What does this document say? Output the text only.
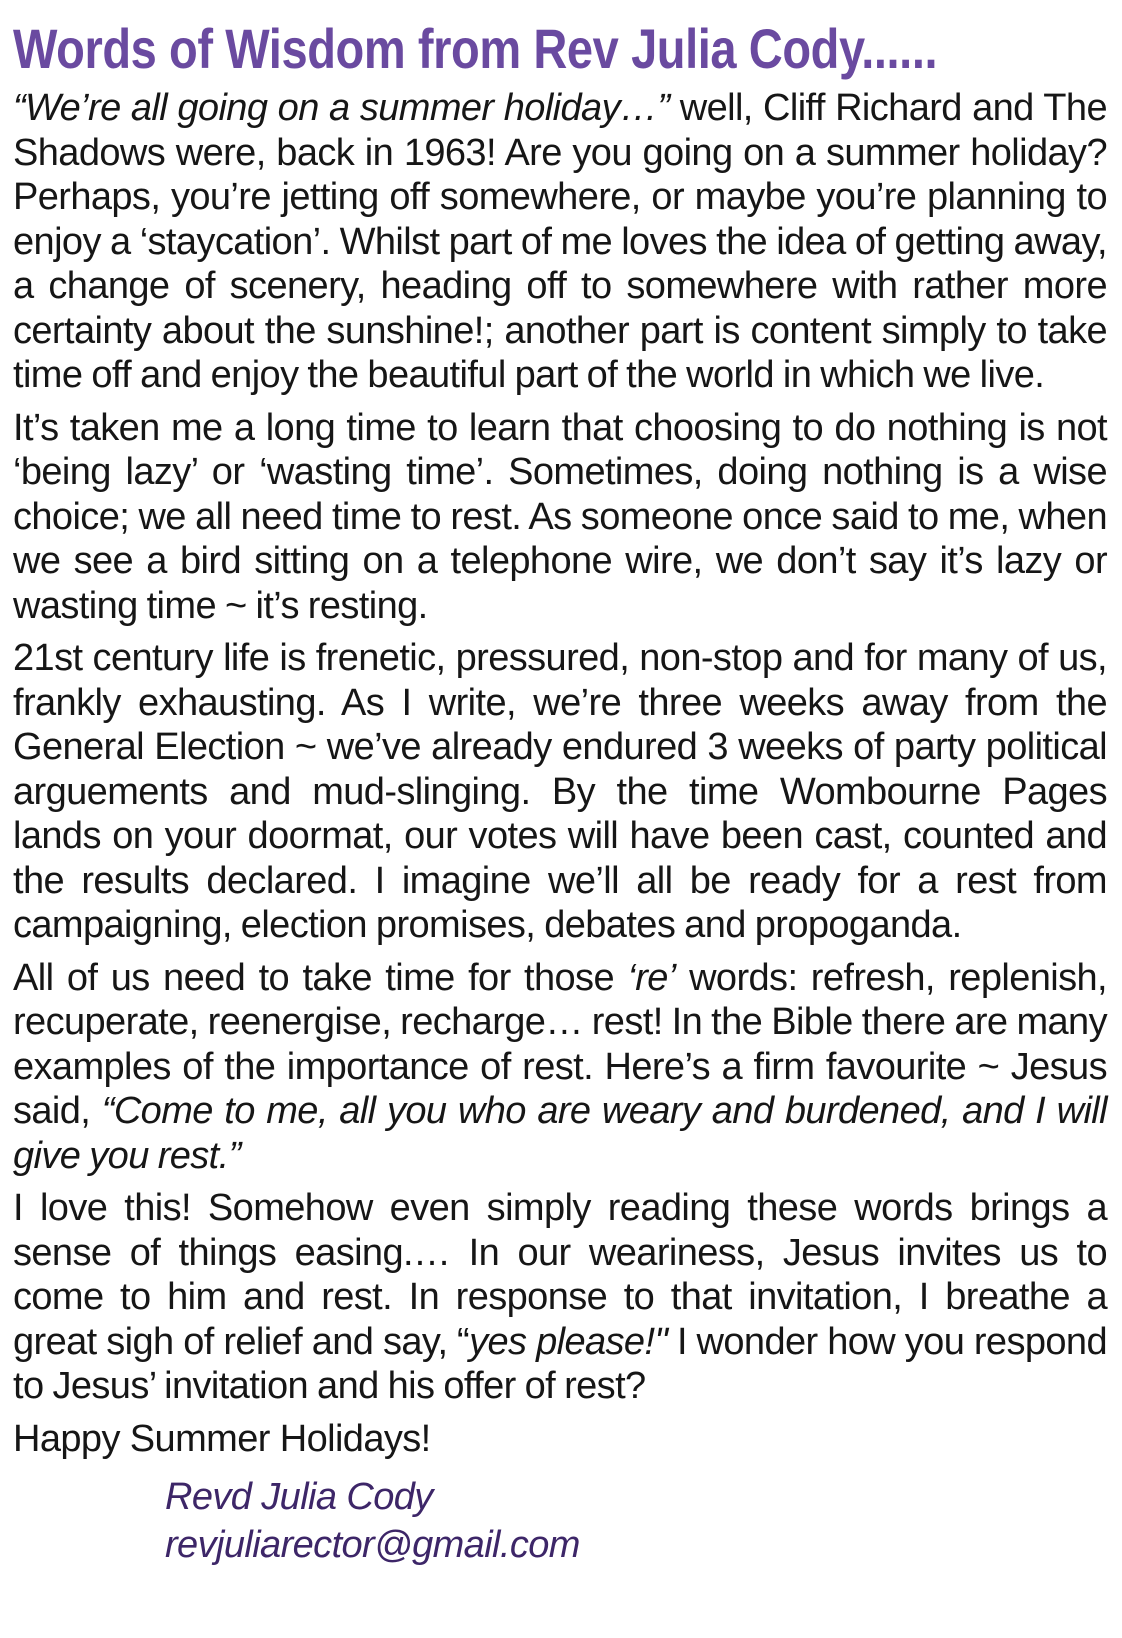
Words of Wisdom from Rev Julia Cody......

“We’re all going on a summer holiday…” well, Cliff Richard and The Shadows were, back in 1963! Are you going on a summer holiday? Perhaps, you’re jetting off somewhere, or maybe you’re planning to enjoy a ‘staycation’. Whilst part of me loves the idea of getting away, a change of scenery, heading off to somewhere with rather more certainty about the sunshine!; another part is content simply to take time off and enjoy the beautiful part of the world in which we live.

It’s taken me a long time to learn that choosing to do nothing is not ‘being lazy’ or ‘wasting time’. Sometimes, doing nothing is a wise choice; we all need time to rest. As someone once said to me, when we see a bird sitting on a telephone wire, we don’t say it’s lazy or wasting time ~ it’s resting.

21st century life is frenetic, pressured, non-stop and for many of us, frankly exhausting. As I write, we’re three weeks away from the General Election ~ we’ve already endured 3 weeks of party political arguements and mud-slinging. By the time Wombourne Pages lands on your doormat, our votes will have been cast, counted and the results declared. I imagine we’ll all be ready for a rest from campaigning, election promises, debates and propoganda.

All of us need to take time for those ‘re’ words: refresh, replenish, recuperate, reenergise, recharge… rest! In the Bible there are many examples of the importance of rest. Here’s a firm favourite ~ Jesus said, “Come to me, all you who are weary and burdened, and I will give you rest.”

I love this! Somehow even simply reading these words brings a sense of things easing.… In our weariness, Jesus invites us to come to him and rest. In response to that invitation, I breathe a great sigh of relief and say, “yes please!" I wonder how you respond to Jesus’ invitation and his offer of rest?

Happy Summer Holidays!

Revd Julia Cody
revjuliarector@gmail.com
